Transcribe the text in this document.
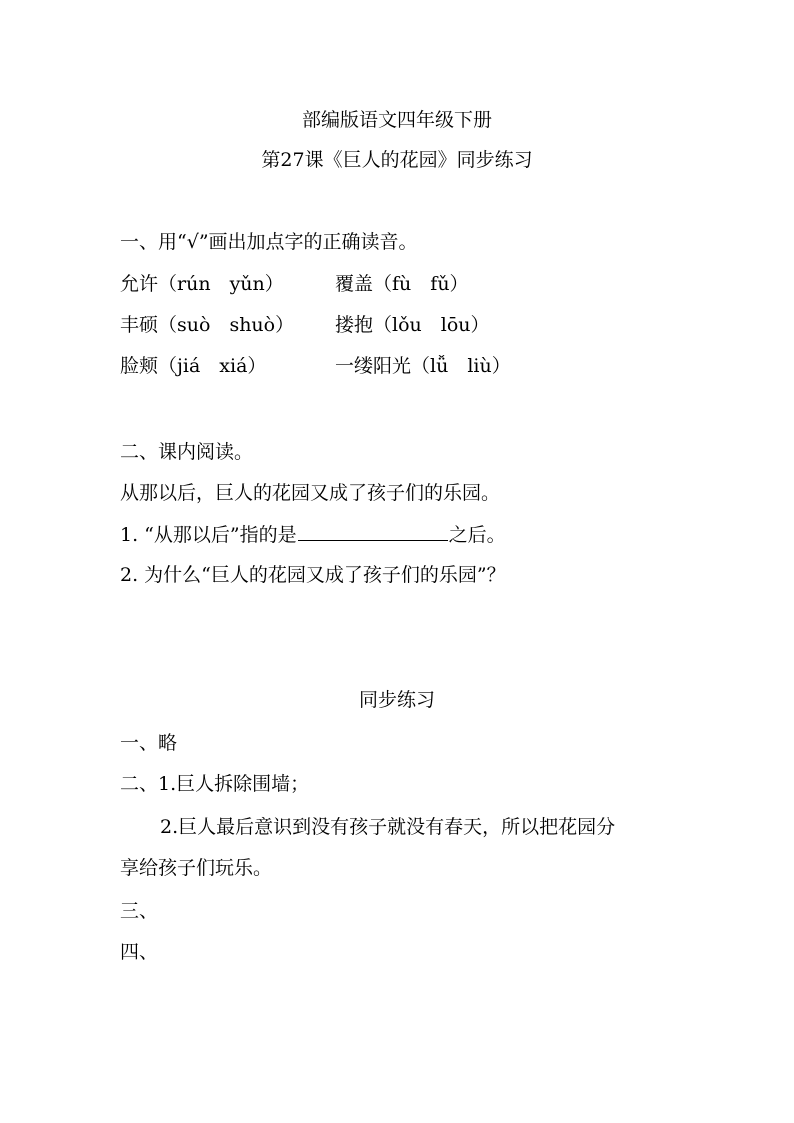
部编版语文四年级下册
第27课《巨人的花园》同步练习
一、用“√”画出加点字的正确读音。
允许（rún　yǔn）	覆盖（fù　fǔ）
丰硕（suò　shuò） 搂抱（lǒu　lōu）
脸颊（jiá　xiá）	一缕阳光（lǚ　liù）
二、课内阅读。
从那以后，巨人的花园又成了孩子们的乐园。
1. “从那以后”指的是	之后。
2. 为什么“巨人的花园又成了孩子们的乐园”？
同步练习
一、略
二、1.巨人拆除围墙；
2.巨人最后意识到没有孩子就没有春天，所以把花园分
享给孩子们玩乐。
三、
四、
